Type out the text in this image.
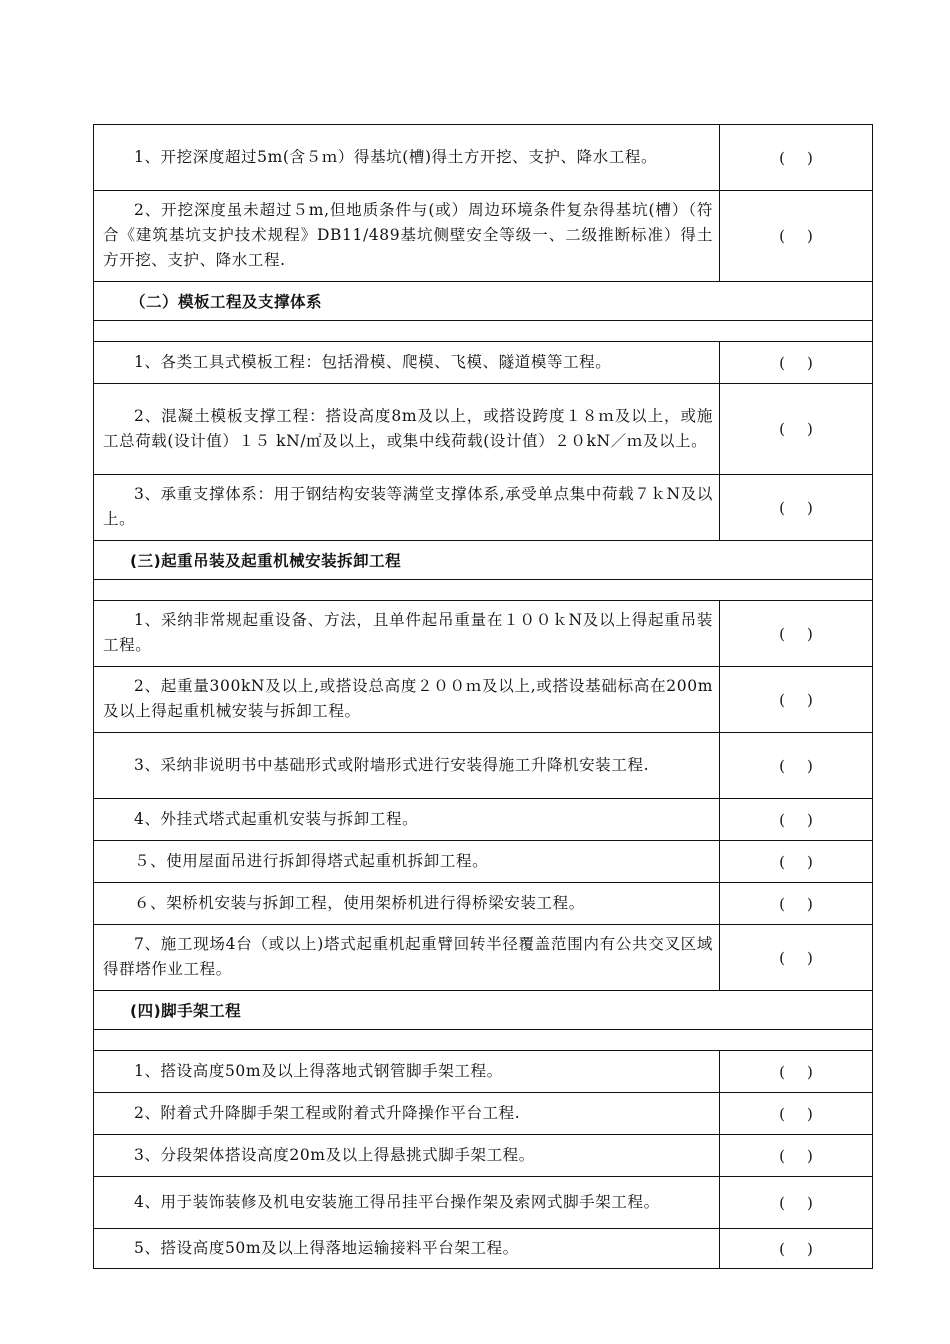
1、开挖深度超过5m(含５ｍ）得基坑(槽)得土方开挖、支护、降水工程。	( )

2、开挖深度虽未超过５m,但地质条件与(或）周边环境条件复杂得基坑(槽）（符合《建筑基坑支护技术规程》DB11/489基坑侧壁安全等级一、二级推断标准）得土方开挖、支护、降水工程.	( )
（二）模板工程及支撑体系	

1、各类工具式模板工程：包括滑模、爬模、飞模、隧道模等工程。	( )

2、混凝土模板支撑工程：搭设高度8m及以上，或搭设跨度１８ｍ及以上，或施工总荷载(设计值）１５ kN/㎡及以上，或集中线荷载(设计值）２０kN／ｍ及以上。	( )

3、承重支撑体系：用于钢结构安装等满堂支撑体系,承受单点集中荷载７ｋN及以上。	( )
(三)起重吊装及起重机械安装拆卸工程	

1、采纳非常规起重设备、方法，且单件起吊重量在１００ｋN及以上得起重吊装工程。	( )

2、起重量300kN及以上,或搭设总高度２００ｍ及以上,或搭设基础标高在200m及以上得起重机械安装与拆卸工程。	( )

3、采纳非说明书中基础形式或附墙形式进行安装得施工升降机安装工程.	( )

4、外挂式塔式起重机安装与拆卸工程。	( )

５、使用屋面吊进行拆卸得塔式起重机拆卸工程。	( )

６、架桥机安装与拆卸工程，使用架桥机进行得桥梁安装工程。	( )

7、施工现场4台（或以上)塔式起重机起重臂回转半径覆盖范围内有公共交叉区域得群塔作业工程。	( )
(四)脚手架工程	

1、搭设高度50m及以上得落地式钢管脚手架工程。	( )

2、附着式升降脚手架工程或附着式升降操作平台工程.	( )

3、分段架体搭设高度20m及以上得悬挑式脚手架工程。	( )

4、用于装饰装修及机电安装施工得吊挂平台操作架及索网式脚手架工程。	( )

5、搭设高度50m及以上得落地运输接料平台架工程。	( )
